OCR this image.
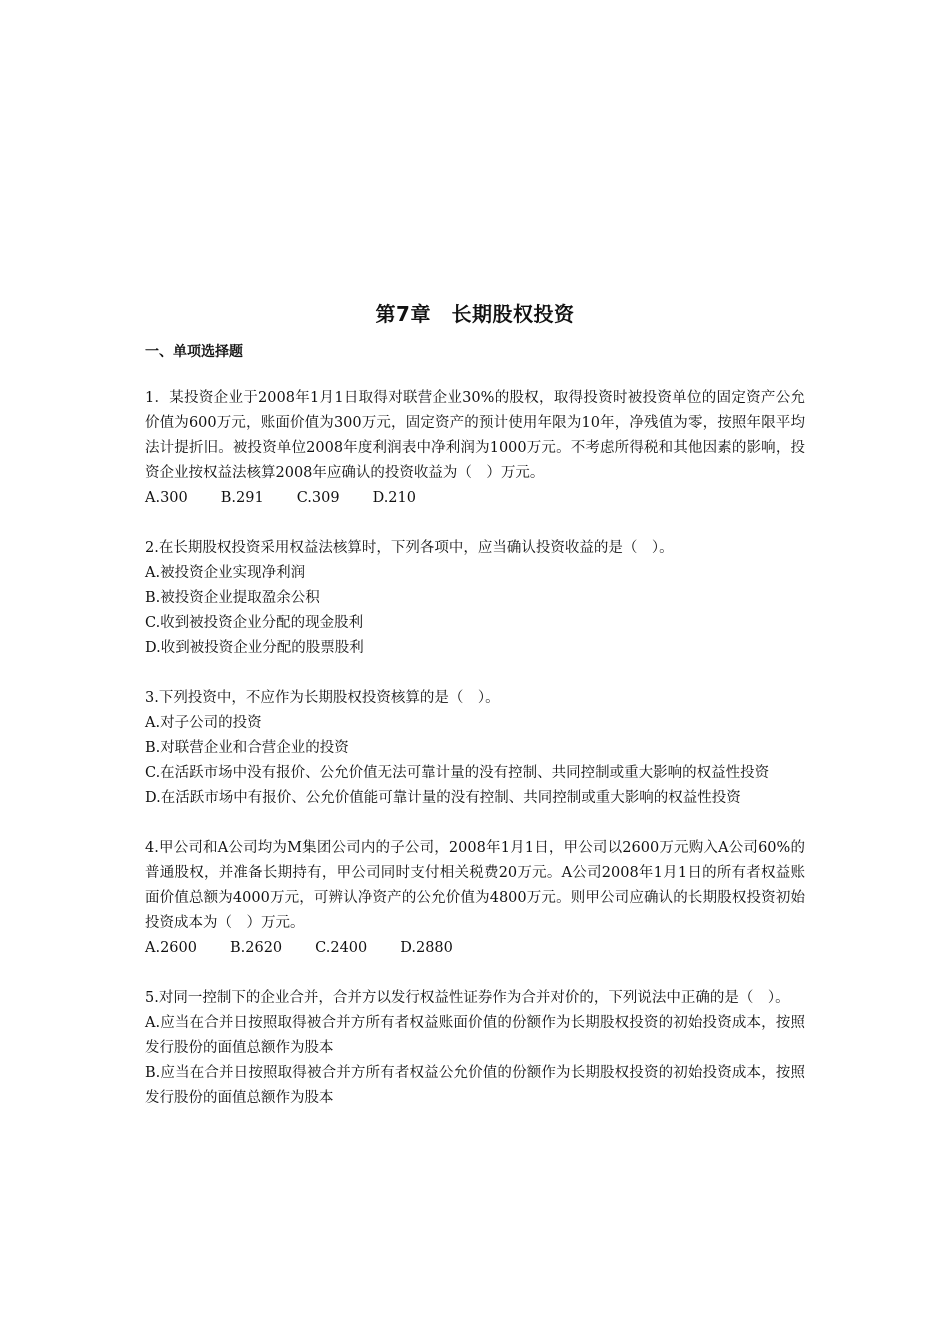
第7章　长期股权投资
一、单项选择题

1．某投资企业于2008年1月1日取得对联营企业30%的股权，取得投资时被投资单位的固定资产公允价值为600万元，账面价值为300万元，固定资产的预计使用年限为10年，净残值为零，按照年限平均法计提折旧。被投资单位2008年度利润表中净利润为1000万元。不考虑所得税和其他因素的影响，投资企业按权益法核算2008年应确认的投资收益为（　）万元。

A.300 B.291 C.309 D.210

2.在长期股权投资采用权益法核算时，下列各项中，应当确认投资收益的是（　）。

A.被投资企业实现净利润

B.被投资企业提取盈余公积

C.收到被投资企业分配的现金股利

D.收到被投资企业分配的股票股利

3.下列投资中，不应作为长期股权投资核算的是（　）。

A.对子公司的投资

B.对联营企业和合营企业的投资

C.在活跃市场中没有报价、公允价值无法可靠计量的没有控制、共同控制或重大影响的权益性投资

D.在活跃市场中有报价、公允价值能可靠计量的没有控制、共同控制或重大影响的权益性投资

4.甲公司和A公司均为M集团公司内的子公司，2008年1月1日，甲公司以2600万元购入A公司60%的普通股权，并准备长期持有，甲公司同时支付相关税费20万元。A公司2008年1月1日的所有者权益账面价值总额为4000万元，可辨认净资产的公允价值为4800万元。则甲公司应确认的长期股权投资初始投资成本为（　）万元。

A.2600 B.2620 C.2400 D.2880

5.对同一控制下的企业合并，合并方以发行权益性证券作为合并对价的，下列说法中正确的是（　）。

A.应当在合并日按照取得被合并方所有者权益账面价值的份额作为长期股权投资的初始投资成本，按照发行股份的面值总额作为股本

B.应当在合并日按照取得被合并方所有者权益公允价值的份额作为长期股权投资的初始投资成本，按照发行股份的面值总额作为股本
